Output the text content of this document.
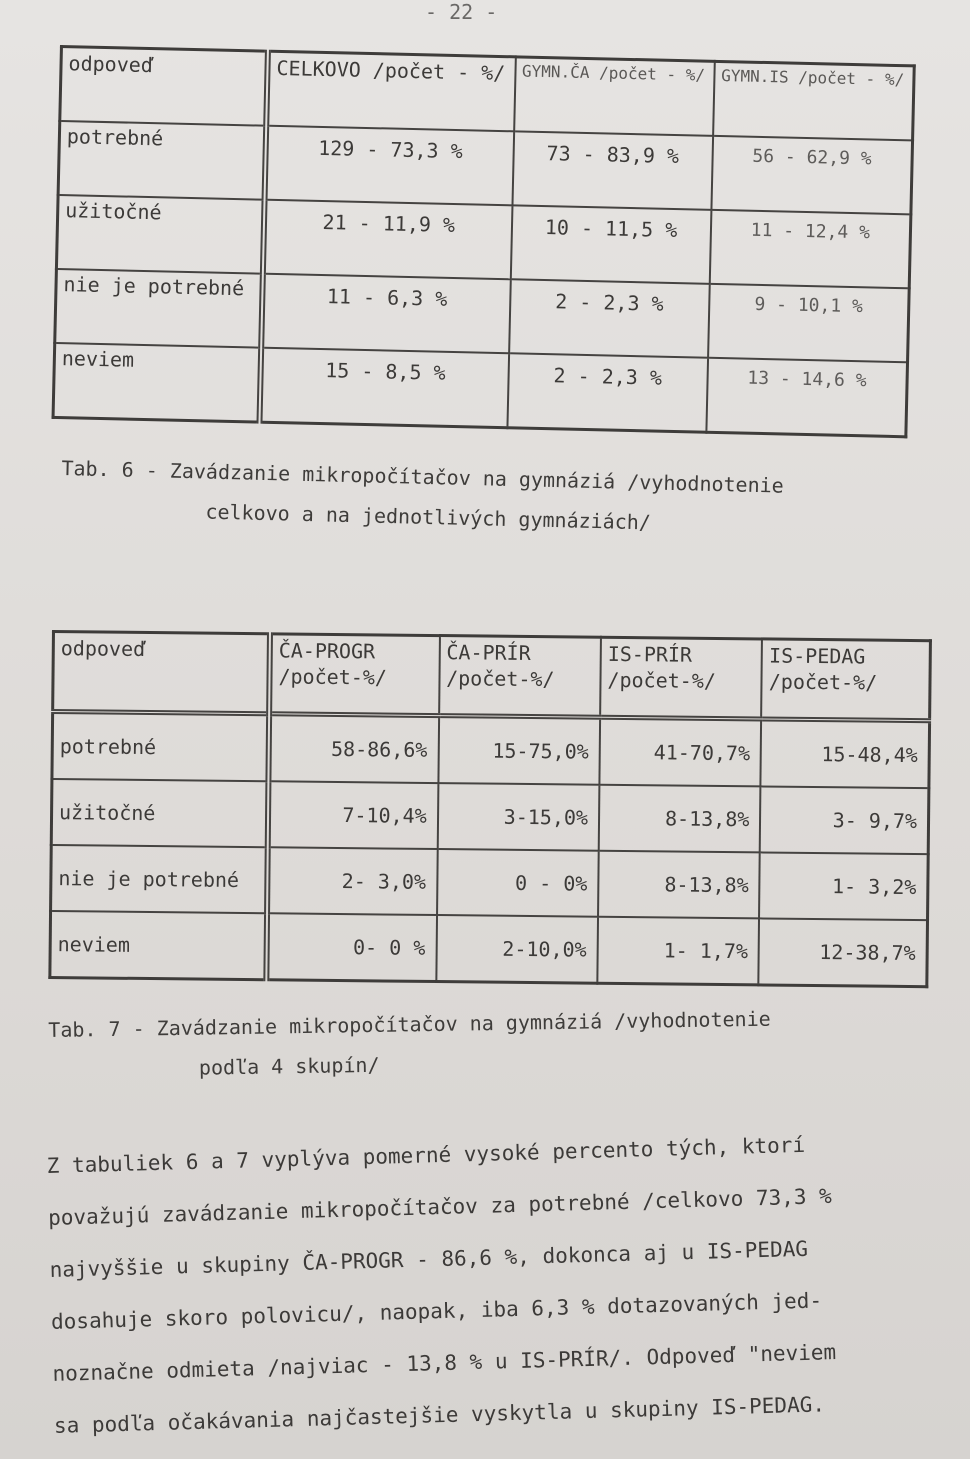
- 22 -
odpoveď	CELKOVO /počet - %/	GYMN.ČA /počet - %/	GYMN.IS /počet - %/
potrebné	129 - 73,3 %	73 - 83,9 %	56 - 62,9 %
užitočné	21 - 11,9 %	10 - 11,5 %	11 - 12,4 %
nie je potrebné	11 - 6,3 %	2 - 2,3 %	9 - 10,1 %
neviem	15 - 8,5 %	2 - 2,3 %	13 - 14,6 %
Tab. 6 - Zavádzanie mikropočítačov na gymnáziá /vyhodnotenie
celkovo a na jednotlivých gymnáziách/
odpoveď	ČA-PROGR /počet-%/	ČA-PRÍR /počet-%/	IS-PRÍR /počet-%/	IS-PEDAG /počet-%/
potrebné	58-86,6%	15-75,0%	41-70,7%	15-48,4%
užitočné	7-10,4%	3-15,0%	8-13,8%	3- 9,7%
nie je potrebné	2- 3,0%	0 - 0%	8-13,8%	1- 3,2%
neviem	0- 0 %	2-10,0%	1- 1,7%	12-38,7%
Tab. 7 - Zavádzanie mikropočítačov na gymnáziá /vyhodnotenie
podľa 4 skupín/
Z tabuliek 6 a 7 vyplýva pomerné vysoké percento tých, ktorí
považujú zavádzanie mikropočítačov za potrebné /celkovo 73,3 %
najvyššie u skupiny ČA-PROGR - 86,6 %, dokonca aj u IS-PEDAG
dosahuje skoro polovicu/, naopak, iba 6,3 % dotazovaných jed-
noznačne odmieta /najviac - 13,8 % u IS-PRÍR/. Odpoveď "neviem
sa podľa očakávania najčastejšie vyskytla u skupiny IS-PEDAG.
